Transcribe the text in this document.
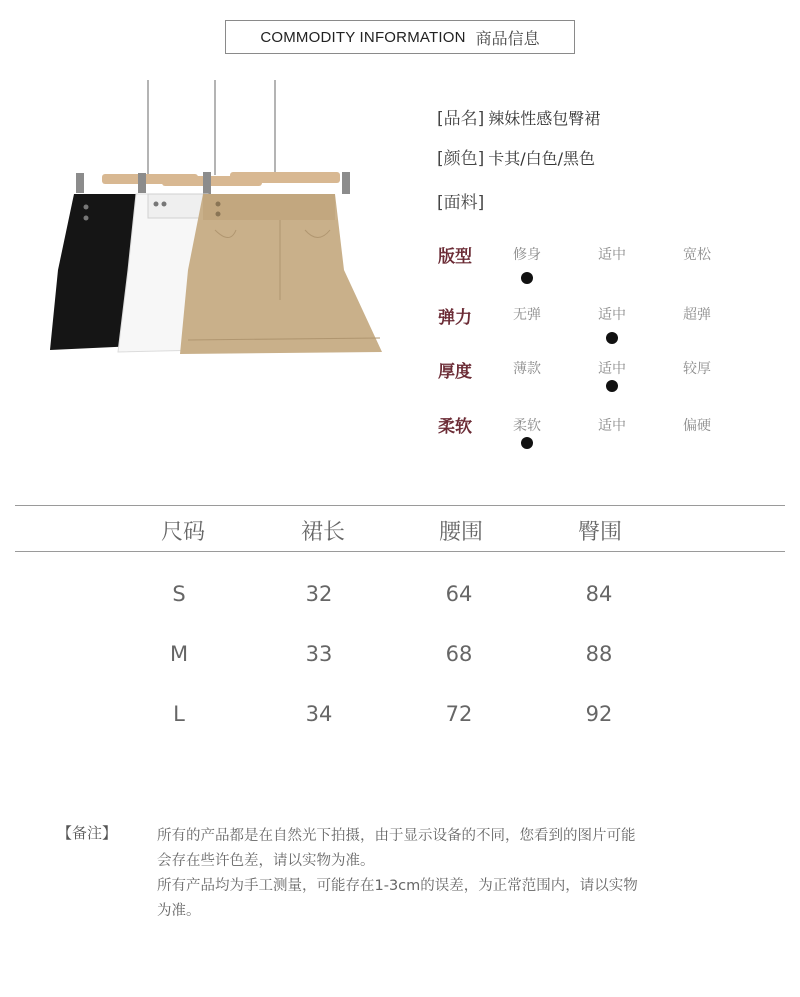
COMMODITY INFORMATION 商品信息
[品名] 辣妹性感包臀裙
[颜色] 卡其/白色/黑色
[面料]
版型	修身	适中	宽松
弹力	无弹	适中	超弹
厚度	薄款	适中	较厚
柔软	柔软	适中	偏硬
尺码	裙长	腰围	臀围
S	32	64	84
M	33	68	88
L	34	72	92
【备注】	所有的产品都是在自然光下拍摄，由于显示设备的不同，您看到的图片可能
会存在些许色差，请以实物为准。
所有产品均为手工测量，可能存在1-3cm的误差，为正常范围内，请以实物
为准。
